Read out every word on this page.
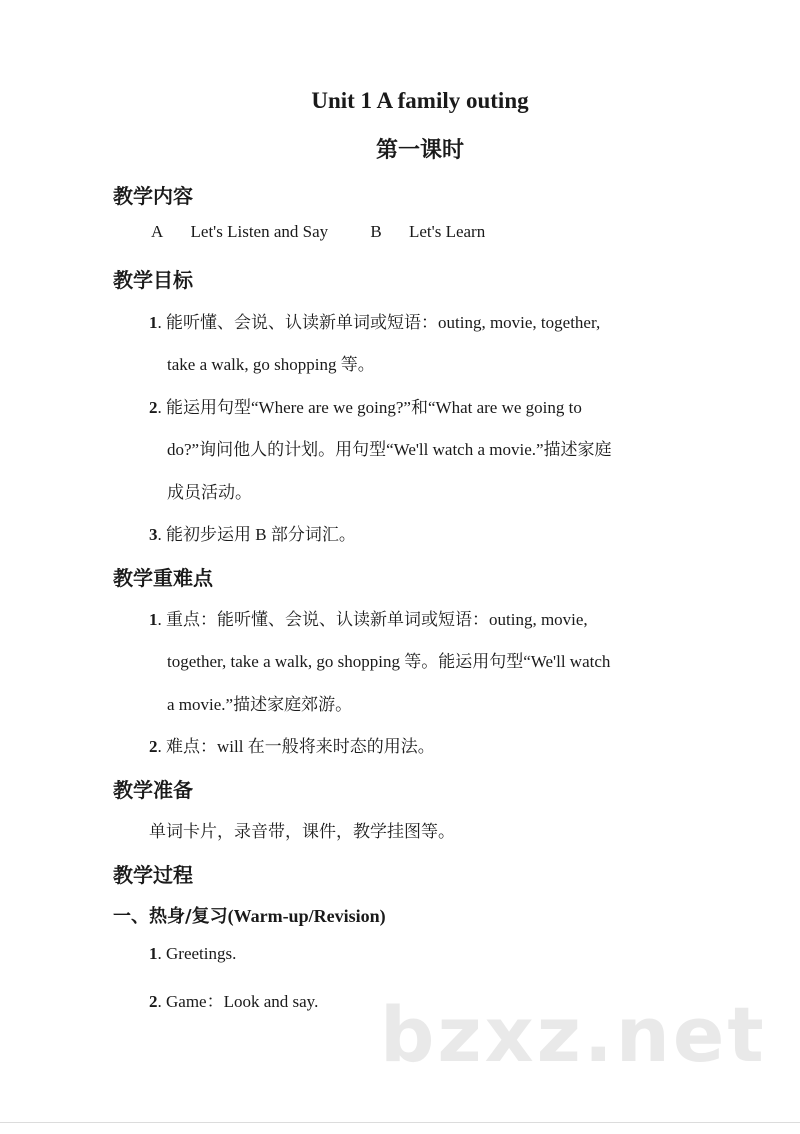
Unit 1 A family outing
第一课时
教学内容
A Let's Listen and Say B Let's Learn
教学目标
1. 能听懂、会说、认读新单词或短语：outing, movie, together,
take a walk, go shopping 等。
2. 能运用句型“Where are we going?”和“What are we going to
do?”询问他人的计划。用句型“We'll watch a movie.”描述家庭
成员活动。
3. 能初步运用 B 部分词汇。
教学重难点
1. 重点：能听懂、会说、认读新单词或短语：outing, movie,
together, take a walk, go shopping 等。能运用句型“We'll watch
a movie.”描述家庭郊游。
2. 难点：will 在一般将来时态的用法。
教学准备
单词卡片，录音带，课件，教学挂图等。
教学过程
一、热身/复习(Warm-up/Revision)
1. Greetings.
2. Game：Look and say. bzxz.net
